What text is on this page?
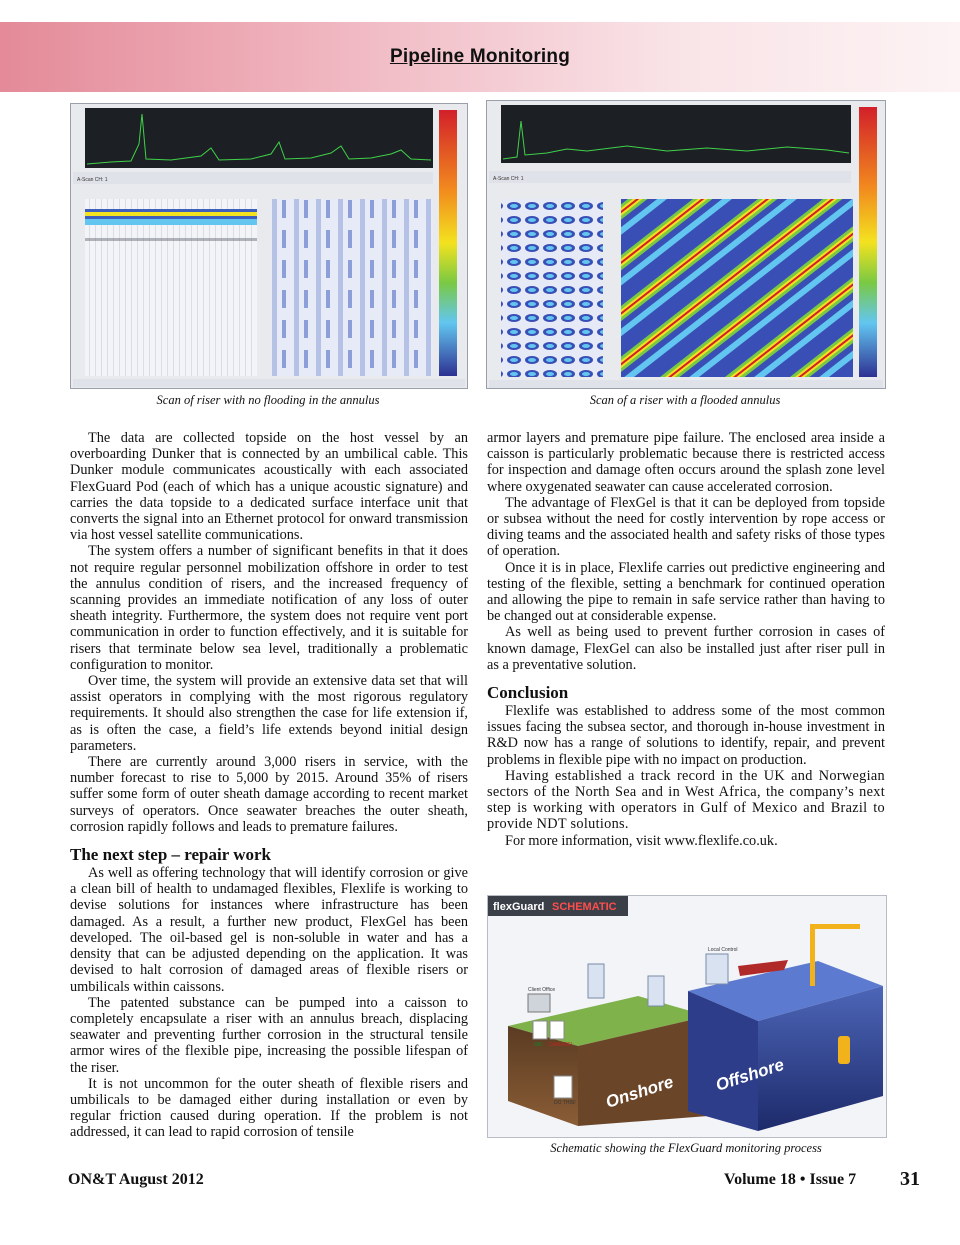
Pipeline Monitoring
A-Scan CH: 1
Scan of riser with no flooding in the annulus
A-Scan CH: 1
Scan of a riser with a flooded annulus

The data are collected topside on the host vessel by an overboarding Dunker that is connected by an umbilical cable. This Dunker module communicates acoustically with each associated FlexGuard Pod (each of which has a unique acoustic signature) and carries the data topside to a dedicated surface interface unit that converts the signal into an Ethernet protocol for onward transmission via host vessel satellite communications.

The system offers a number of significant benefits in that it does not require regular personnel mobilization offshore in order to test the annulus condition of risers, and the increased frequency of scanning provides an immediate notification of any loss of outer sheath integrity. Furthermore, the system does not require vent port communication in order to function effectively, and it is suitable for risers that terminate below sea level, traditionally a problematic configuration to monitor.

Over time, the system will provide an extensive data set that will assist operators in complying with the most rigorous regulatory requirements. It should also strengthen the case for life extension if, as is often the case, a field’s life extends beyond initial design parameters.

There are currently around 3,000 risers in service, with the number forecast to rise to 5,000 by 2015. Around 35% of risers suffer some form of outer sheath damage according to recent market surveys of operators. Once seawater breaches the outer sheath, corrosion rapidly follows and leads to premature failures.

The next step – repair work

As well as offering technology that will identify corrosion or give a clean bill of health to undamaged flexibles, Flexlife is working to devise solutions for instances where infrastructure has been damaged. As a result, a further new product, FlexGel has been developed. The oil-based gel is non-soluble in water and has a density that can be adjusted depending on the application. It was devised to halt corrosion of damaged areas of flexible risers or umbilicals within caissons.

The patented substance can be pumped into a caisson to completely encapsulate a riser with an annulus breach, displacing seawater and preventing further corrosion in the structural tensile armor wires of the flexible pipe, increasing the possible lifespan of the riser.

It is not uncommon for the outer sheath of flexible risers and umbilicals to be damaged either during installation or even by regular friction caused during operation. If the problem is not addressed, it can lead to rapid corrosion of tensile

armor layers and premature pipe failure. The enclosed area inside a caisson is particularly problematic because there is restricted access for inspection and damage often occurs around the splash zone level where oxygenated seawater can cause accelerated corrosion.

The advantage of FlexGel is that it can be deployed from topside or subsea without the need for costly intervention by rope access or diving teams and the associated health and safety risks of those types of operation.

Once it is in place, Flexlife carries out predictive engineering and testing of the flexible, setting a benchmark for continued operation and allowing the pipe to remain in safe service rather than having to be changed out at considerable expense.

As well as being used to prevent further corrosion in cases of known damage, FlexGel can also be installed just after riser pull in as a preventative solution.

Conclusion

Flexlife was established to address some of the most common issues facing the subsea sector, and thorough in-house investment in R&D now has a range of solutions to identify, repair, and prevent problems in flexible pipe with no impact on production.

Having established a track record in the UK and Norwegian sectors of the North Sea and in West Africa, the company’s next step is working with operators in Gulf of Mexico and Brazil to provide NDT solutions.

For more information, visit www.flexlife.co.uk.

flexGuard SCHEMATIC
Client Office
Local Control
OK! DAMAGE!
DO THIS! Onshore Offshore
Schematic showing the FlexGuard monitoring process
ON&T August 2012	Volume 18 • Issue 7 31
